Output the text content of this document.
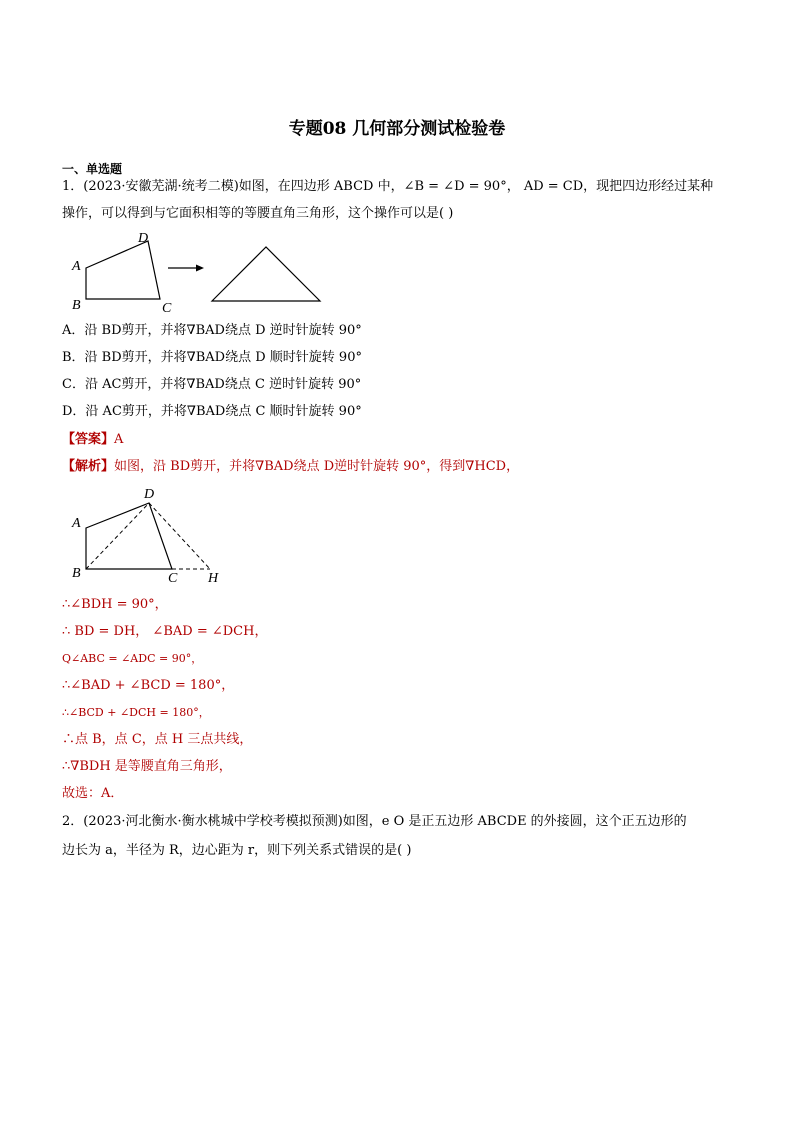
专题08 几何部分测试检验卷
一、单选题
1．(2023·安徽芜湖·统考二模)如图，在四边形 ABCD 中，∠B = ∠D = 90°， AD = CD，现把四边形经过某种
操作，可以得到与它面积相等的等腰直角三角形，这个操作可以是( )
A
D
B	C
A．沿 BD剪开，并将∇BAD绕点 D 逆时针旋转 90°
B．沿 BD剪开，并将∇BAD绕点 D 顺时针旋转 90°
C．沿 AC剪开，并将∇BAD绕点 C 逆时针旋转 90°
D．沿 AC剪开，并将∇BAD绕点 C 顺时针旋转 90°
【答案】A
【解析】如图，沿 BD剪开，并将∇BAD绕点 D逆时针旋转 90°，得到∇HCD，
A
D
B	C H
∴∠BDH = 90°，
∴ BD = DH， ∠BAD = ∠DCH，
Q∠ABC = ∠ADC = 90°，
∴∠BAD + ∠BCD = 180°，
∴∠BCD + ∠DCH = 180°，
∴点 B，点 C，点 H 三点共线，
∴∇BDH 是等腰直角三角形，
故选：A．
2．(2023·河北衡水·衡水桃城中学校考模拟预测)如图，e O 是正五边形 ABCDE 的外接圆，这个正五边形的
边长为 a，半径为 R，边心距为 r，则下列关系式错误的是( )
